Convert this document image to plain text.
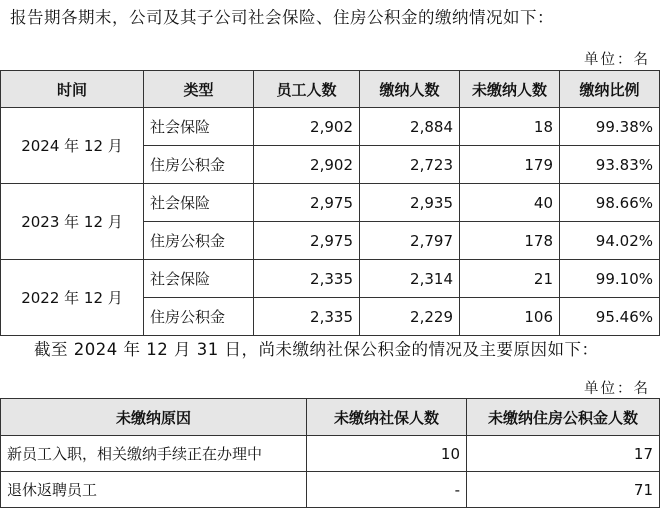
报告期各期末，公司及其子公司社会保险、住房公积金的缴纳情况如下：
单位：名
时间	类型	员工人数	缴纳人数	未缴纳人数	缴纳比例
2024 年 12 月	社会保险	2,902	2,884	18	99.38%
	住房公积金	2,902	2,723	179	93.83%
2023 年 12 月	社会保险	2,975	2,935	40	98.66%
	住房公积金	2,975	2,797	178	94.02%
2022 年 12 月	社会保险	2,335	2,314	21	99.10%
	住房公积金	2,335	2,229	106	95.46%
截至 2024 年 12 月 31 日，尚未缴纳社保公积金的情况及主要原因如下：
单位：名
未缴纳原因	未缴纳社保人数	未缴纳住房公积金人数
新员工入职，相关缴纳手续正在办理中	10	17
退休返聘员工	-	71
